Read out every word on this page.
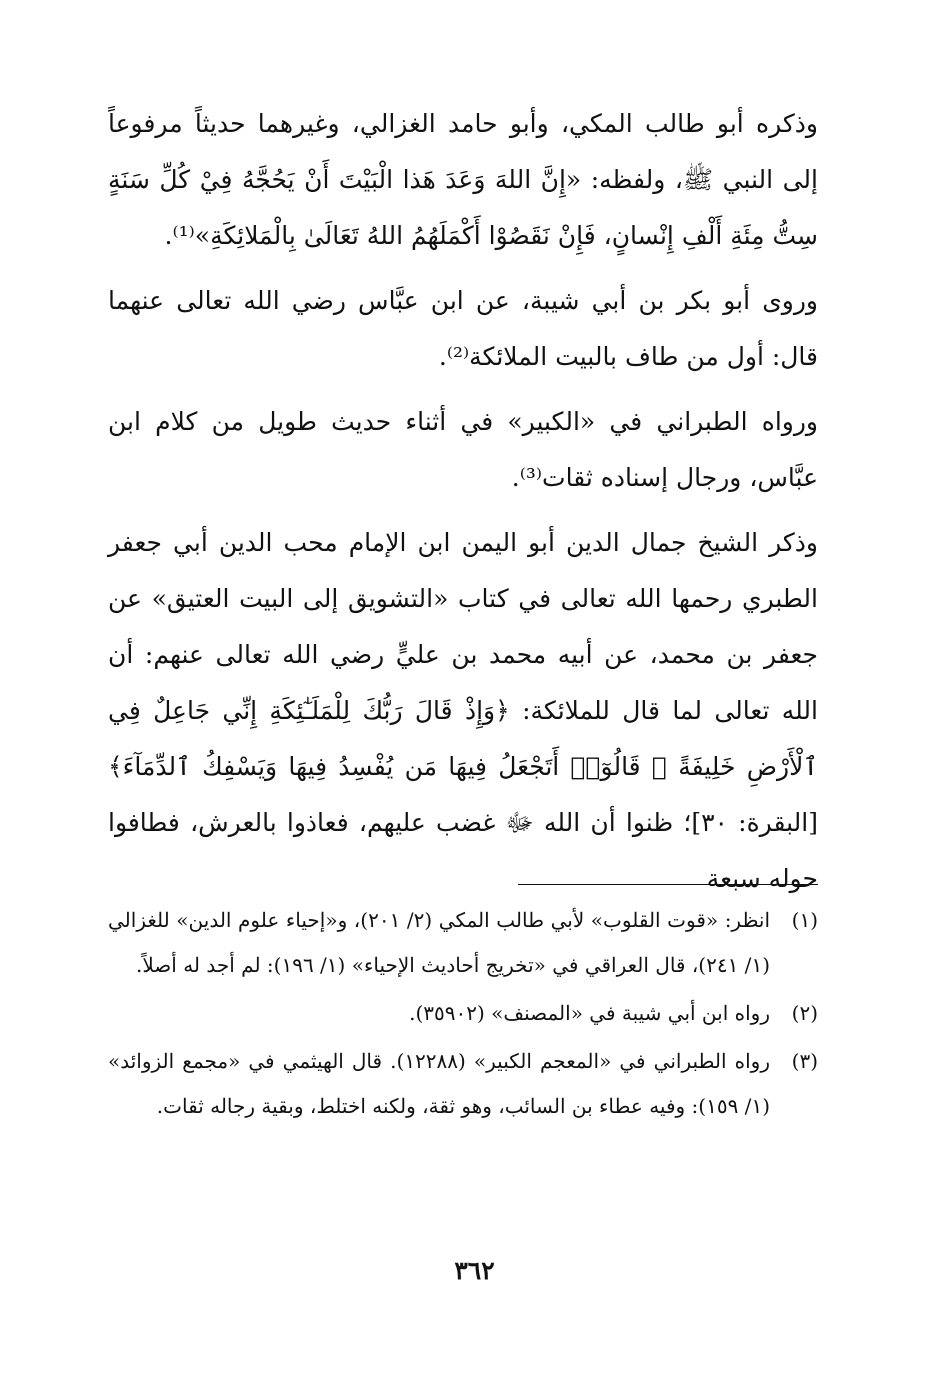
وذكره أبو طالب المكي، وأبو حامد الغزالي، وغيرهما حديثاً مرفوعاً إلى النبي ﷺ، ولفظه: «إِنَّ اللهَ وَعَدَ هَذا الْبَيْتَ أَنْ يَحُجَّهُ فِيْ كُلِّ سَنَةٍ سِتُّ مِئَةِ أَلْفِ إِنْسانٍ، فَإِنْ نَقَصُوْا أَكْمَلَهُمُ اللهُ تَعَالَىٰ بِالْمَلائِكَةِ»⁽¹⁾.

وروى أبو بكر بن أبي شيبة، عن ابن عبَّاس رضي الله تعالى عنهما قال: أول من طاف بالبيت الملائكة⁽²⁾.

ورواه الطبراني في «الكبير» في أثناء حديث طويل من كلام ابن عبَّاس، ورجال إسناده ثقات⁽³⁾.

وذكر الشيخ جمال الدين أبو اليمن ابن الإمام محب الدين أبي جعفر الطبري رحمها الله تعالى في كتاب «التشويق إلى البيت العتيق» عن جعفر بن محمد، عن أبيه محمد بن عليٍّ رضي الله تعالى عنهم: أن الله تعالى لما قال للملائكة: ﴿وَإِذْ قَالَ رَبُّكَ لِلْمَلَـٰٓئِكَةِ إِنِّي جَاعِلٌ فِي ٱلْأَرْضِ خَلِيفَةً ۖ قَالُوٓا۟ أَتَجْعَلُ فِيهَا مَن يُفْسِدُ فِيهَا وَيَسْفِكُ ٱلدِّمَآءَ﴾[البقرة: ٣٠]؛ ظنوا أن الله ﷻ غضب عليهم، فعاذوا بالعرش، فطافوا حوله سبعة

(١)
انظر: «قوت القلوب» لأبي طالب المكي (٢/ ٢٠١)، و«إحياء علوم الدين» للغزالي (١/ ٢٤١)، قال العراقي في «تخريج أحاديث الإحياء» (١/ ١٩٦): لم أجد له أصلاً.
(٢)
رواه ابن أبي شيبة في «المصنف» (٣٥٩٠٢).
(٣)
رواه الطبراني في «المعجم الكبير» (١٢٢٨٨). قال الهيثمي في «مجمع الزوائد» (١/ ١٥٩): وفيه عطاء بن السائب، وهو ثقة، ولكنه اختلط، وبقية رجاله ثقات.
٣٦٢
